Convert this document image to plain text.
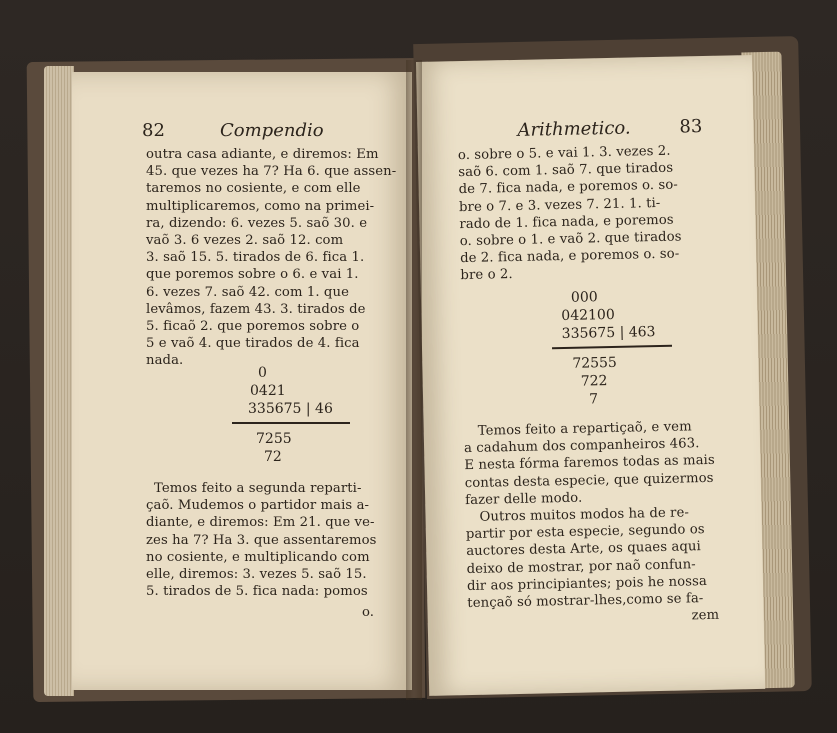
82	Compendio
outra casa adiante, e diremos: Em
45. que vezes ha 7? Ha 6. que assen-
taremos no cosiente, e com elle
multiplicaremos, como na primei-
ra, dizendo: 6. vezes 5. saõ 30. e
vaõ 3. 6 vezes 2. saõ 12. com
3. saõ 15. 5. tirados de 6. fica 1.
que poremos sobre o 6. e vai 1.
6. vezes 7. saõ 42. com 1. que
levâmos, fazem 43. 3. tirados de
5. ficaõ 2. que poremos sobre o
5 e vaõ 4. que tirados de 4. fica
nada.
0
0421
335675 | 46
7255
72
Temos feito a segunda reparti-
çaõ. Mudemos o partidor mais a-
diante, e diremos: Em 21. que ve-
zes ha 7? Ha 3. que assentaremos
no cosiente, e multiplicando com
elle, diremos: 3. vezes 5. saõ 15.
5. tirados de 5. fica nada: pomos
o.
Arithmetico.	83
o. sobre o 5. e vai 1. 3. vezes 2.
saõ 6. com 1. saõ 7. que tirados
de 7. fica nada, e poremos o. so-
bre o 7. e 3. vezes 7. 21. 1. ti-
rado de 1. fica nada, e poremos
o. sobre o 1. e vaõ 2. que tirados
de 2. fica nada, e poremos o. so-
bre o 2.
000
042100
335675 | 463
72555
722
7
Temos feito a repartiçaõ, e vem
a cadahum dos companheiros 463.
E nesta fórma faremos todas as mais
contas desta especie, que quizermos
fazer delle modo.
Outros muitos modos ha de re-
partir por esta especie, segundo os
auctores desta Arte, os quaes aqui
deixo de mostrar, por naõ confun-
dir aos principiantes; pois he nossa
tençaõ só mostrar-lhes,como se fa-
zem
